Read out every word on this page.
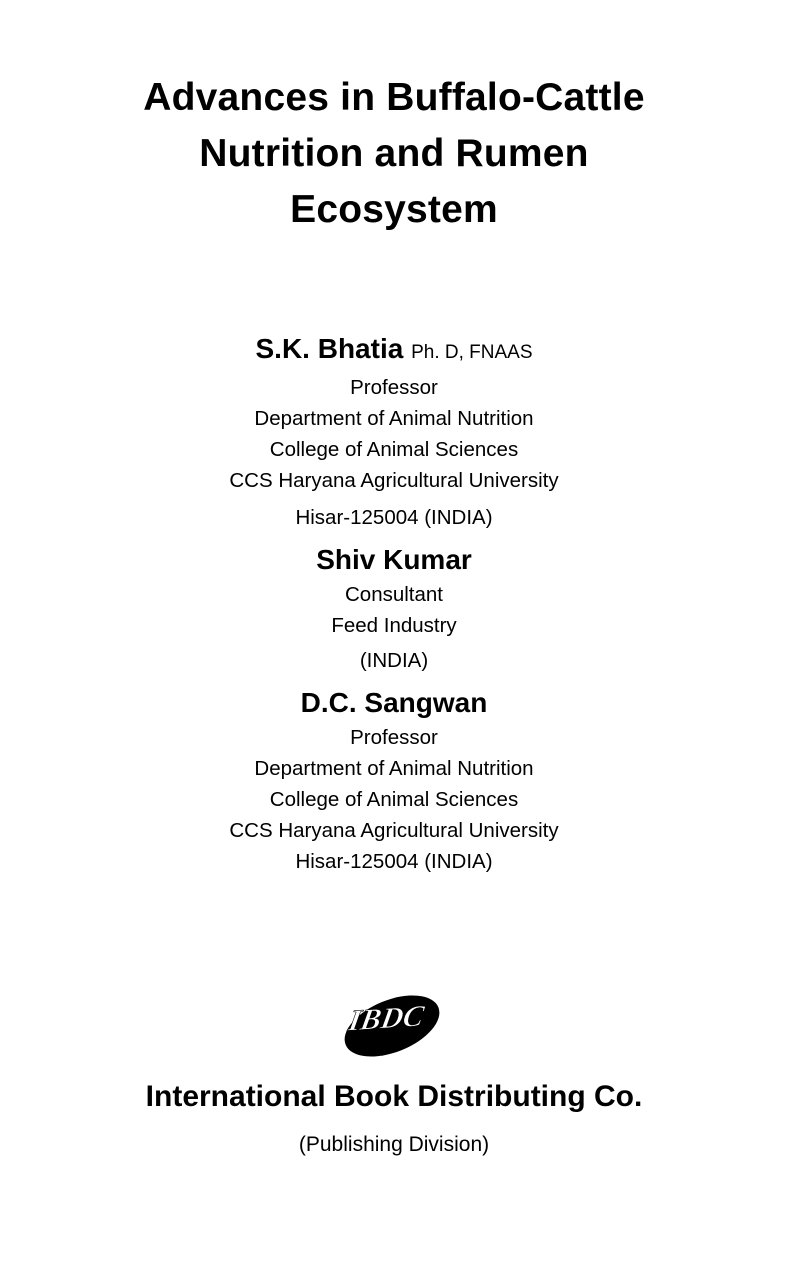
Advances in Buffalo-Cattle
Nutrition and Rumen
Ecosystem
S.K. Bhatia Ph. D, FNAAS
Professor
Department of Animal Nutrition
College of Animal Sciences
CCS Haryana Agricultural University
Hisar-125004 (INDIA)
Shiv Kumar
Consultant
Feed Industry
(INDIA)
D.C. Sangwan
Professor
Department of Animal Nutrition
College of Animal Sciences
CCS Haryana Agricultural University
Hisar-125004 (INDIA)
IBDC
International Book Distributing Co.
(Publishing Division)
